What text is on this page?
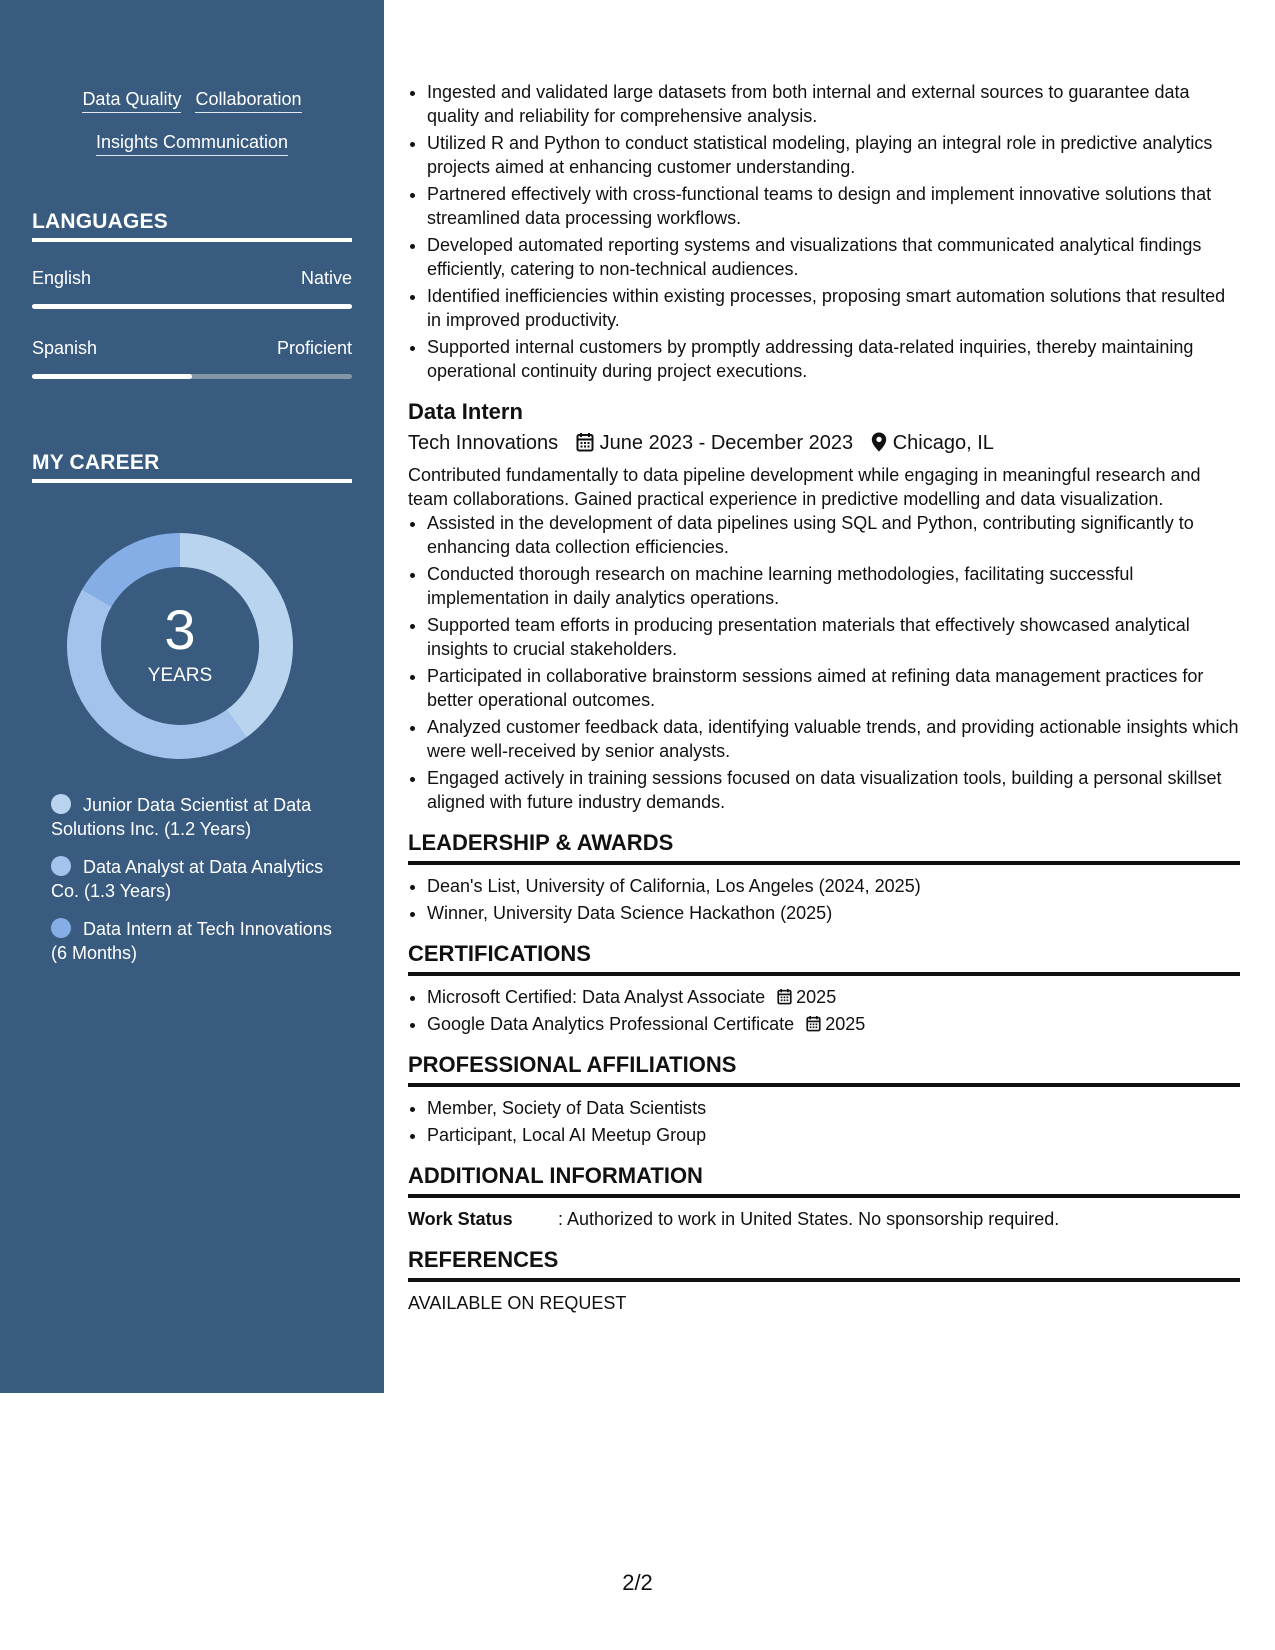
Data Quality Collaboration
Insights Communication
LANGUAGES
English	Native
Spanish	Proficient
MY CAREER
3
YEARS
Junior Data Scientist at Data Solutions Inc. (1.2 Years)
Data Analyst at Data Analytics Co. (1.3 Years)
Data Intern at Tech Innovations (6 Months)
• Ingested and validated large datasets from both internal and external sources to guarantee data quality and reliability for comprehensive analysis.
• Utilized R and Python to conduct statistical modeling, playing an integral role in predictive analytics projects aimed at enhancing customer understanding.
• Partnered effectively with cross-functional teams to design and implement innovative solutions that streamlined data processing workflows.
• Developed automated reporting systems and visualizations that communicated analytical findings efficiently, catering to non-technical audiences.
• Identified inefficiencies within existing processes, proposing smart automation solutions that resulted in improved productivity.
• Supported internal customers by promptly addressing data-related inquiries, thereby maintaining operational continuity during project executions.
Data Intern
Tech Innovations June 2023 - December 2023 Chicago, IL
Contributed fundamentally to data pipeline development while engaging in meaningful research and team collaborations. Gained practical experience in predictive modelling and data visualization.
• Assisted in the development of data pipelines using SQL and Python, contributing significantly to enhancing data collection efficiencies.
• Conducted thorough research on machine learning methodologies, facilitating successful implementation in daily analytics operations.
• Supported team efforts in producing presentation materials that effectively showcased analytical insights to crucial stakeholders.
• Participated in collaborative brainstorm sessions aimed at refining data management practices for better operational outcomes.
• Analyzed customer feedback data, identifying valuable trends, and providing actionable insights which were well-received by senior analysts.
• Engaged actively in training sessions focused on data visualization tools, building a personal skillset aligned with future industry demands.
LEADERSHIP & AWARDS
• Dean's List, University of California, Los Angeles (2024, 2025)
• Winner, University Data Science Hackathon (2025)
CERTIFICATIONS
• Microsoft Certified: Data Analyst Associate 2025
• Google Data Analytics Professional Certificate 2025
PROFESSIONAL AFFILIATIONS
• Member, Society of Data Scientists
• Participant, Local AI Meetup Group
ADDITIONAL INFORMATION
Work Status	: Authorized to work in United States. No sponsorship required.
REFERENCES
AVAILABLE ON REQUEST
2/2
